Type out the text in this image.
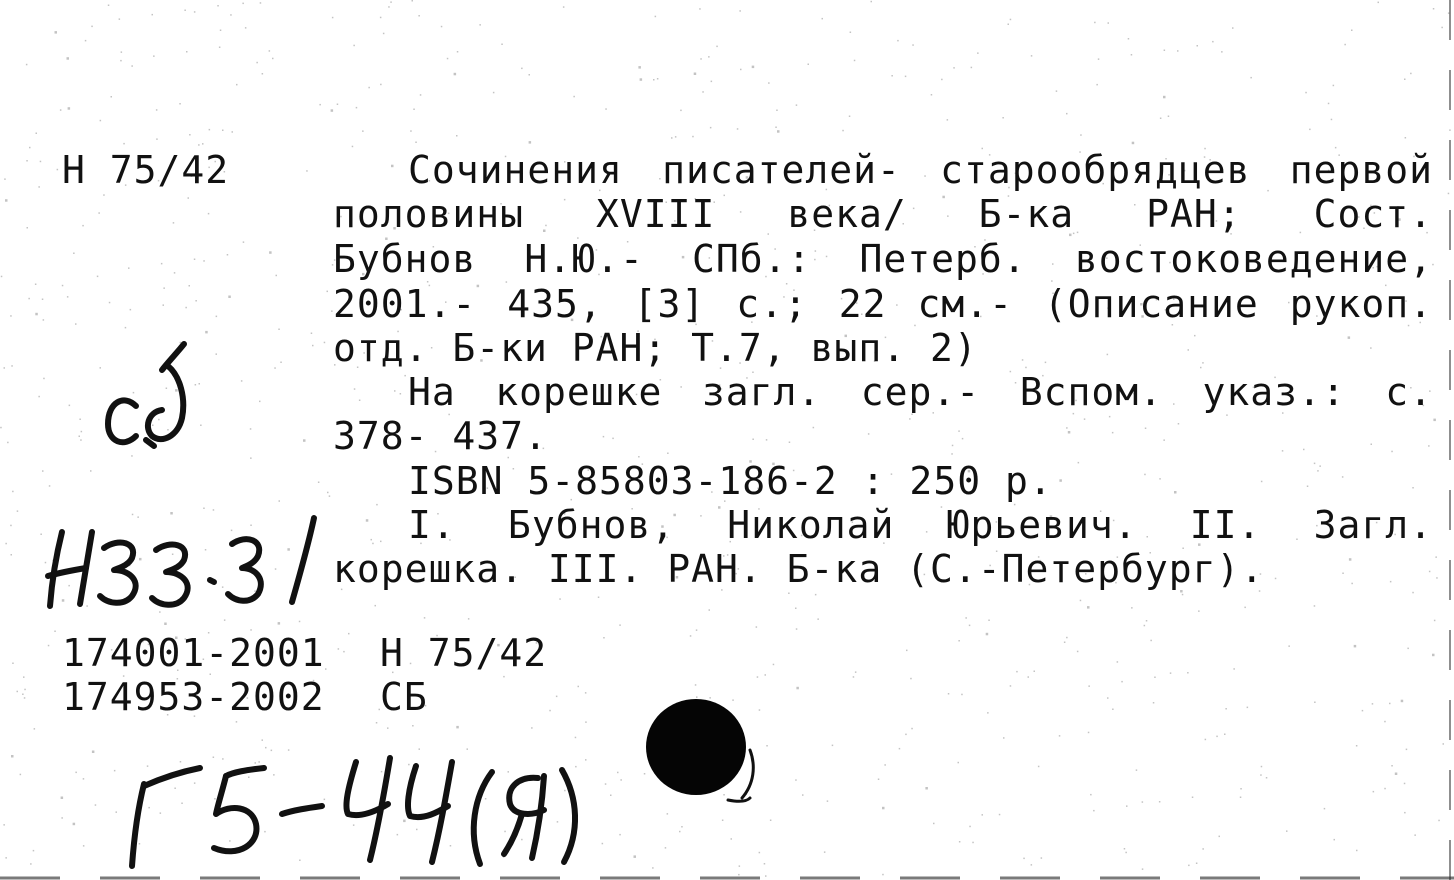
Н 75/42	Сочинения писателей- старообрядцев первой
половины XVIII века/ Б-ка РАН; Сост.
Бубнов Н.Ю.- СПб.: Петерб. востоковедение,
2001.- 435, [3] с.; 22 см.- (Описание рукоп.
отд. Б-ки РАН; Т.7, вып. 2)
На корешке загл. сер.- Вспом. указ.: с.
378- 437.
ISBN 5-85803-186-2 : 250 р.
I. Бубнов, Николай Юрьевич. II. Загл.
корешка. III. РАН. Б-ка (С.-Петербург).
174001-2001 Н 75/42
174953-2002 СБ
